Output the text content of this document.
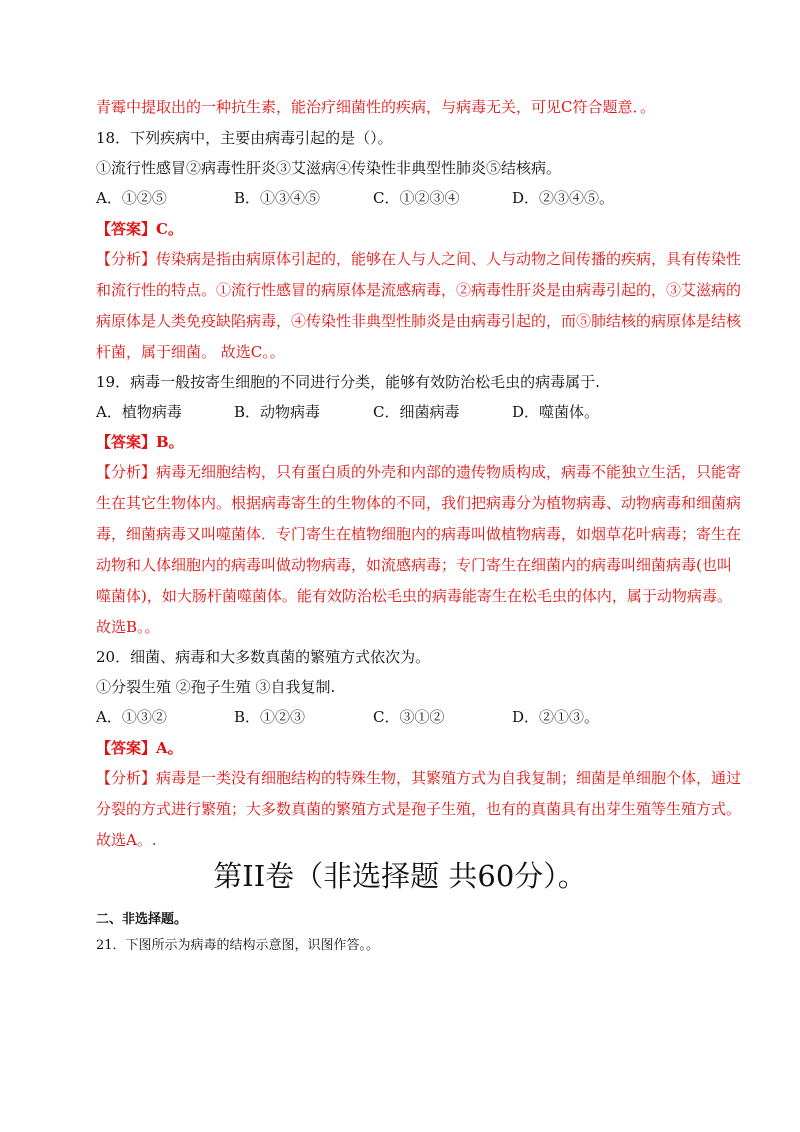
青霉中提取出的一种抗生素，能治疗细菌性的疾病，与病毒无关，可见C符合题意．。
18．下列疾病中，主要由病毒引起的是（）。
①流行性感冒②病毒性肝炎③艾滋病④传染性非典型性肺炎⑤结核病。
A．①②⑤	B．①③④⑤	C．①②③④	D．②③④⑤。
【答案】C。
【分析】传染病是指由病原体引起的，能够在人与人之间、人与动物之间传播的疾病，具有传染性
和流行性的特点。①流行性感冒的病原体是流感病毒，②病毒性肝炎是由病毒引起的，③艾滋病的
病原体是人类免疫缺陷病毒，④传染性非典型性肺炎是由病毒引起的，而⑤肺结核的病原体是结核
杆菌，属于细菌。 故选C。。
19．病毒一般按寄生细胞的不同进行分类，能够有效防治松毛虫的病毒属于.
A．植物病毒	B．动物病毒	C．细菌病毒	D．噬菌体。
【答案】B。
【分析】病毒无细胞结构，只有蛋白质的外壳和内部的遗传物质构成，病毒不能独立生活，只能寄
生在其它生物体内。根据病毒寄生的生物体的不同，我们把病毒分为植物病毒、动物病毒和细菌病
毒，细菌病毒又叫噬菌体．专门寄生在植物细胞内的病毒叫做植物病毒，如烟草花叶病毒；寄生在
动物和人体细胞内的病毒叫做动物病毒，如流感病毒；专门寄生在细菌内的病毒叫细菌病毒(也叫
噬菌体)，如大肠杆菌噬菌体。能有效防治松毛虫的病毒能寄生在松毛虫的体内，属于动物病毒。
故选B。。
20．细菌、病毒和大多数真菌的繁殖方式依次为。
①分裂生殖 ②孢子生殖 ③自我复制.
A．①③②	B．①②③	C．③①②	D．②①③。
【答案】A。
【分析】病毒是一类没有细胞结构的特殊生物，其繁殖方式为自我复制；细菌是单细胞个体，通过
分裂的方式进行繁殖；大多数真菌的繁殖方式是孢子生殖，也有的真菌具有出芽生殖等生殖方式。
故选A。.
第II卷（非选择题 共60分）。
二、非选择题。
21．下图所示为病毒的结构示意图，识图作答。。
